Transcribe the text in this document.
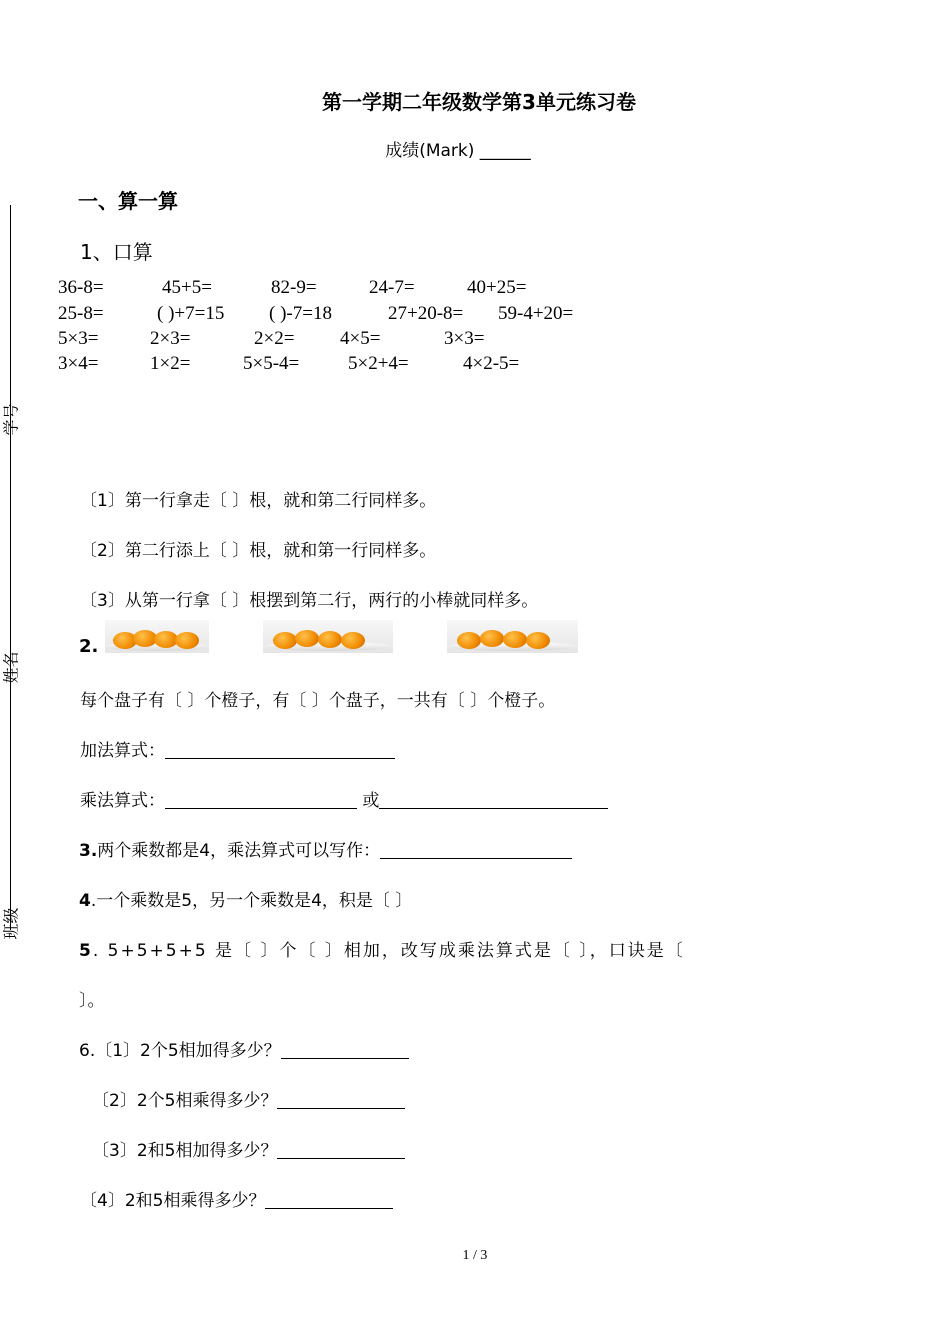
第一学期二年级数学第3单元练习卷
成绩(Mark) ______
一、算一算
1、口算
36-8=	45+5=	82-9=	24-7=	40+25=
25-8=	( )+7=15 ( )-7=18	27+20-8= 59-4+20=
5×3=	2×3=	2×2= 4×5=	3×3=
3×4=	1×2=	5×5-4=	5×2+4=	4×2-5=
〔1〕第一行拿走〔 〕根，就和第二行同样多。
〔2〕第二行添上〔 〕根，就和第一行同样多。
〔3〕从第一行拿〔 〕根摆到第二行，两行的小棒就同样多。
2.
每个盘子有〔 〕个橙子，有〔 〕个盘子，一共有〔 〕个橙子。
加法算式：
乘法算式：	或
3.两个乘数都是4，乘法算式可以写作：
4.一个乘数是5，另一个乘数是4，积是〔 〕
5. 5+5+5+5 是〔 〕个〔 〕相加，改写成乘法算式是〔 〕，口诀是〔
〕。
6.〔1〕2个5相加得多少？
〔2〕2个5相乘得多少？
〔3〕2和5相加得多少？
〔4〕2和5相乘得多少？
学号
姓名
班级
1 / 3
